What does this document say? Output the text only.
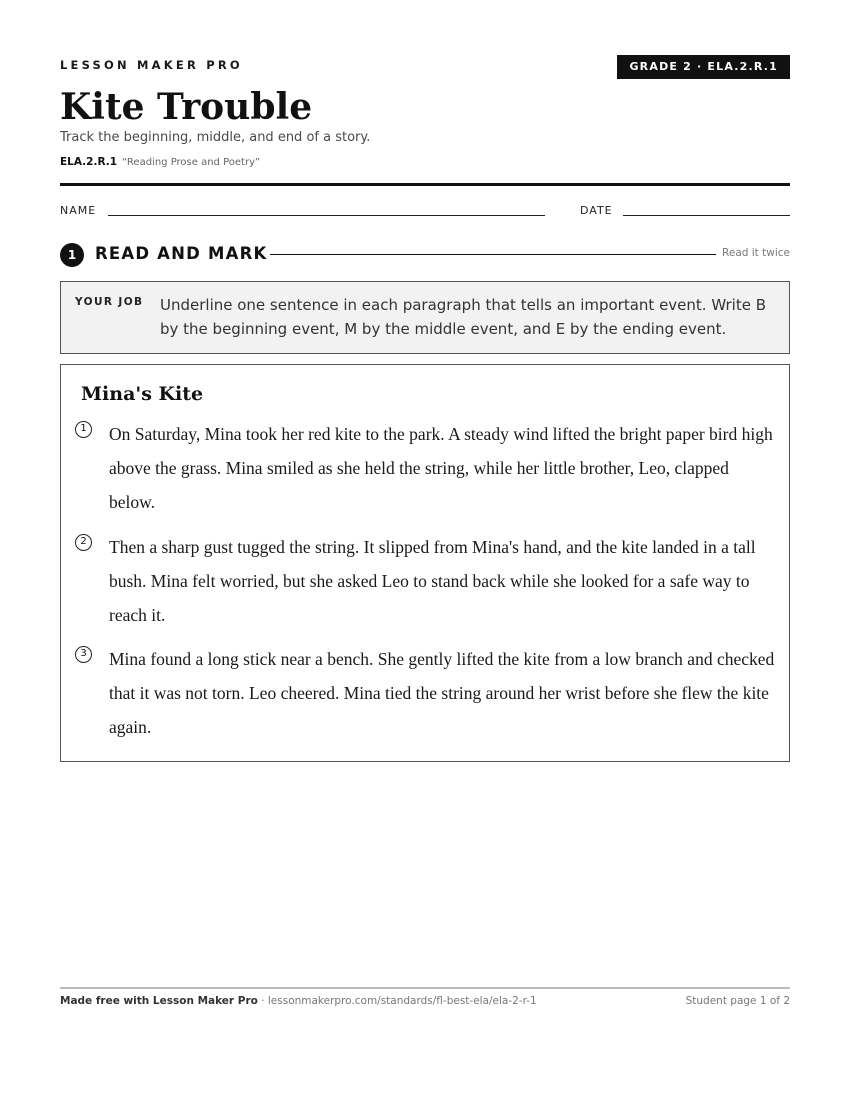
LESSON MAKER PRO	GRADE 2 · ELA.2.R.1
Kite Trouble
Track the beginning, middle, and end of a story.
ELA.2.R.1 “Reading Prose and Poetry”
NAME	DATE
1	READ AND MARK	Read it twice
YOUR JOB Underline one sentence in each paragraph that tells an important event. Write B by the beginning event, M by the middle event, and E by the ending event.
Mina's Kite
1	On Saturday, Mina took her red kite to the park. A steady wind lifted the bright paper bird high above the grass. Mina smiled as she held the string, while her little brother, Leo, clapped below.

2	Then a sharp gust tugged the string. It slipped from Mina's hand, and the kite landed in a tall bush. Mina felt worried, but she asked Leo to stand back while she looked for a safe way to reach it.

3	Mina found a long stick near a bench. She gently lifted the kite from a low branch and checked that it was not torn. Leo cheered. Mina tied the string around her wrist before she flew the kite again.

Made free with Lesson Maker Pro · lessonmakerpro.com/standards/fl-best-ela/ela-2-r-1	Student page 1 of 2
